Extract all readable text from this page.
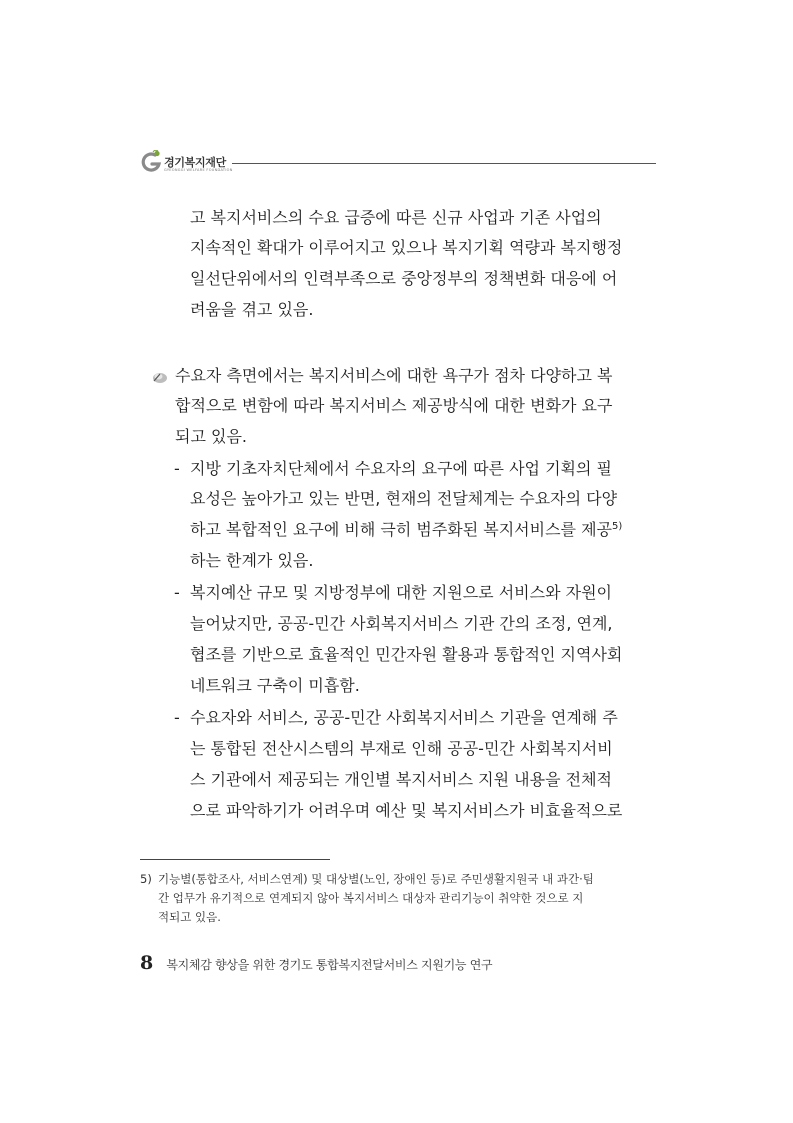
경기복지재단
GYEONGGI WELFARE FOUNDATION
고 복지서비스의 수요 급증에 따른 신규 사업과 기존 사업의
지속적인 확대가 이루어지고 있으나 복지기획 역량과 복지행정
일선단위에서의 인력부족으로 중앙정부의 정책변화 대응에 어
려움을 겪고 있음.
수요자 측면에서는 복지서비스에 대한 욕구가 점차 다양하고 복
합적으로 변함에 따라 복지서비스 제공방식에 대한 변화가 요구
되고 있음.
- 지방 기초자치단체에서 수요자의 요구에 따른 사업 기획의 필
요성은 높아가고 있는 반면, 현재의 전달체계는 수요자의 다양
하고 복합적인 요구에 비해 극히 범주화된 복지서비스를 제공$^{5)}$
하는 한계가 있음.
- 복지예산 규모 및 지방정부에 대한 지원으로 서비스와 자원이
늘어났지만, 공공-민간 사회복지서비스 기관 간의 조정, 연계,
협조를 기반으로 효율적인 민간자원 활용과 통합적인 지역사회
네트워크 구축이 미흡함.
- 수요자와 서비스, 공공-민간 사회복지서비스 기관을 연계해 주
는 통합된 전산시스템의 부재로 인해 공공-민간 사회복지서비
스 기관에서 제공되는 개인별 복지서비스 지원 내용을 전체적
으로 파악하기가 어려우며 예산 및 복지서비스가 비효율적으로
5) 기능별(통합조사, 서비스연계) 및 대상별(노인, 장애인 등)로 주민생활지원국 내 과간·팀
간 업무가 유기적으로 연계되지 않아 복지서비스 대상자 관리기능이 취약한 것으로 지
적되고 있음.
8 복지체감 향상을 위한 경기도 통합복지전달서비스 지원기능 연구
